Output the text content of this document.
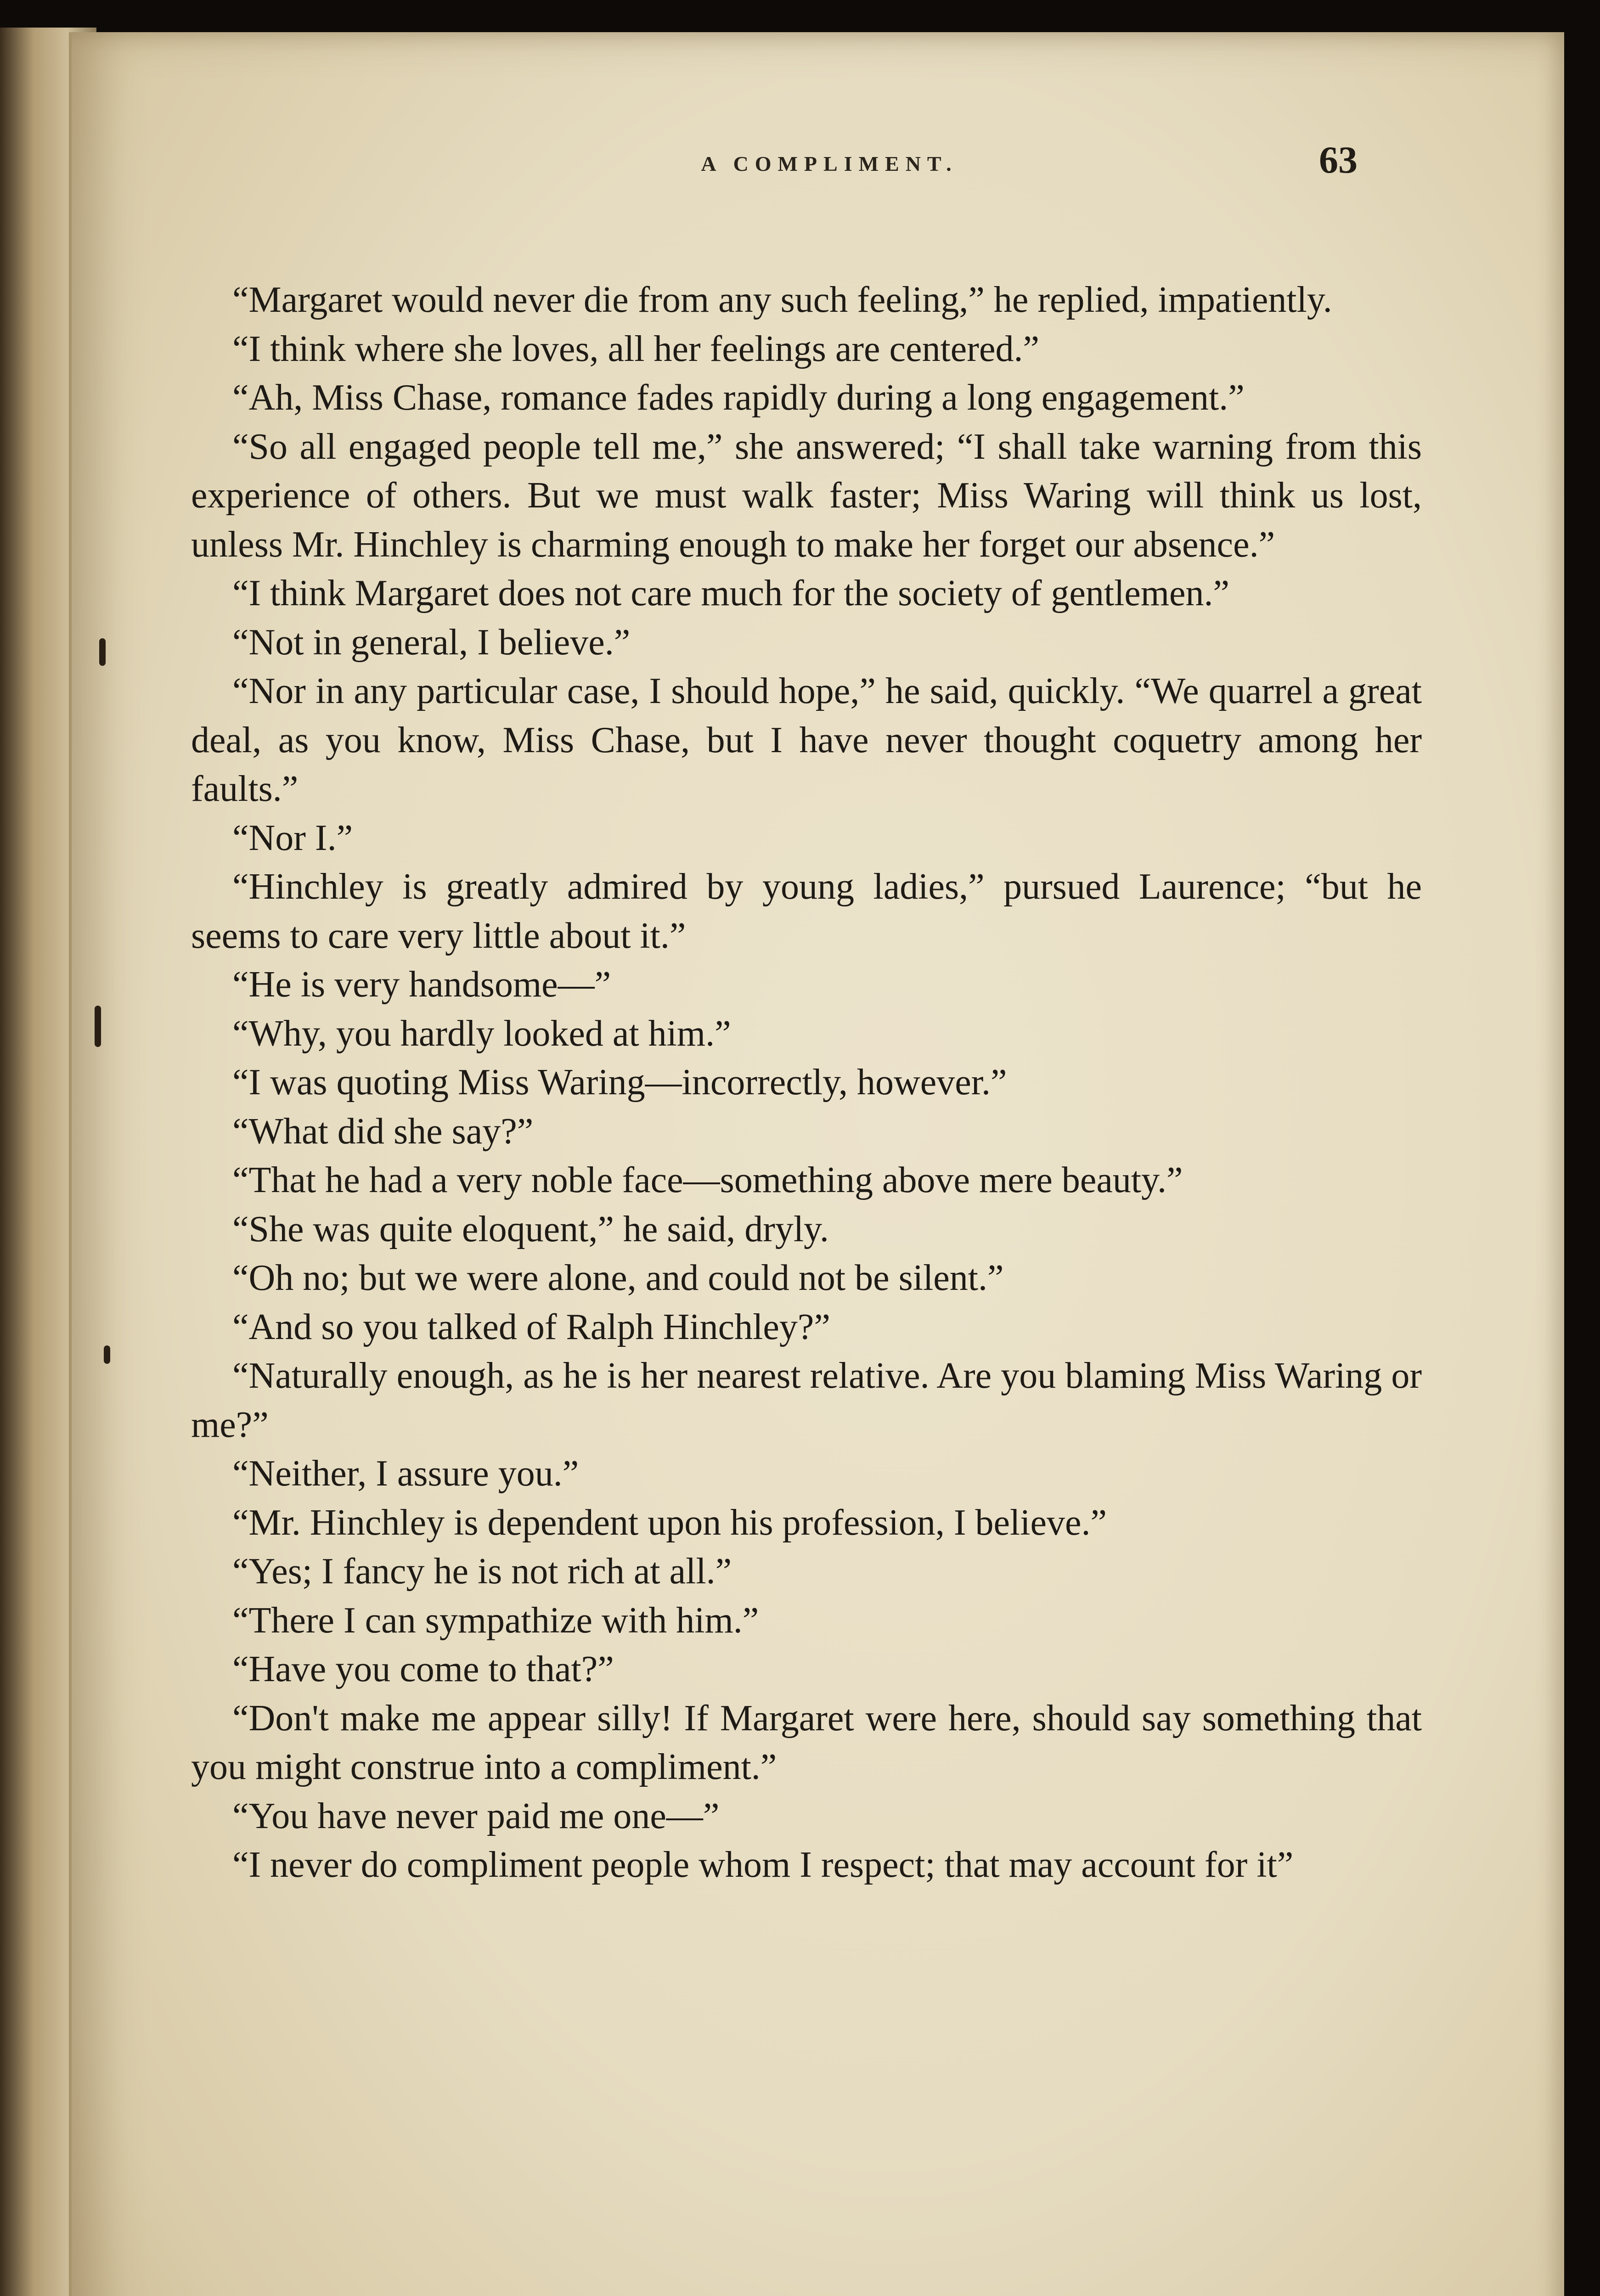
A COMPLIMENT.	63

“Margaret would never die from any such feeling,” he replied, impatiently.

“I think where she loves, all her feelings are centered.”

“Ah, Miss Chase, romance fades rapidly during a long engagement.”

“So all engaged people tell me,” she answered; “I shall take warning from this experience of others. But we must walk faster; Miss Waring will think us lost, unless Mr. Hinchley is charming enough to make her forget our absence.”

“I think Margaret does not care much for the society of gentlemen.”

“Not in general, I believe.”

“Nor in any particular case, I should hope,” he said, quickly. “We quarrel a great deal, as you know, Miss Chase, but I have never thought coquetry among her faults.”

“Nor I.”

“Hinchley is greatly admired by young ladies,” pursued Laurence; “but he seems to care very little about it.”

“He is very handsome—”

“Why, you hardly looked at him.”

“I was quoting Miss Waring—incorrectly, however.”

“What did she say?”

“That he had a very noble face—something above mere beauty.”

“She was quite eloquent,” he said, dryly.

“Oh no; but we were alone, and could not be silent.”

“And so you talked of Ralph Hinchley?”

“Naturally enough, as he is her nearest relative. Are you blaming Miss Waring or me?”

“Neither, I assure you.”

“Mr. Hinchley is dependent upon his profession, I believe.”

“Yes; I fancy he is not rich at all.”

“There I can sympathize with him.”

“Have you come to that?”

“Don't make me appear silly! If Margaret were here, should say something that you might construe into a compliment.”

“You have never paid me one—”

“I never do compliment people whom I respect; that may account for it”
